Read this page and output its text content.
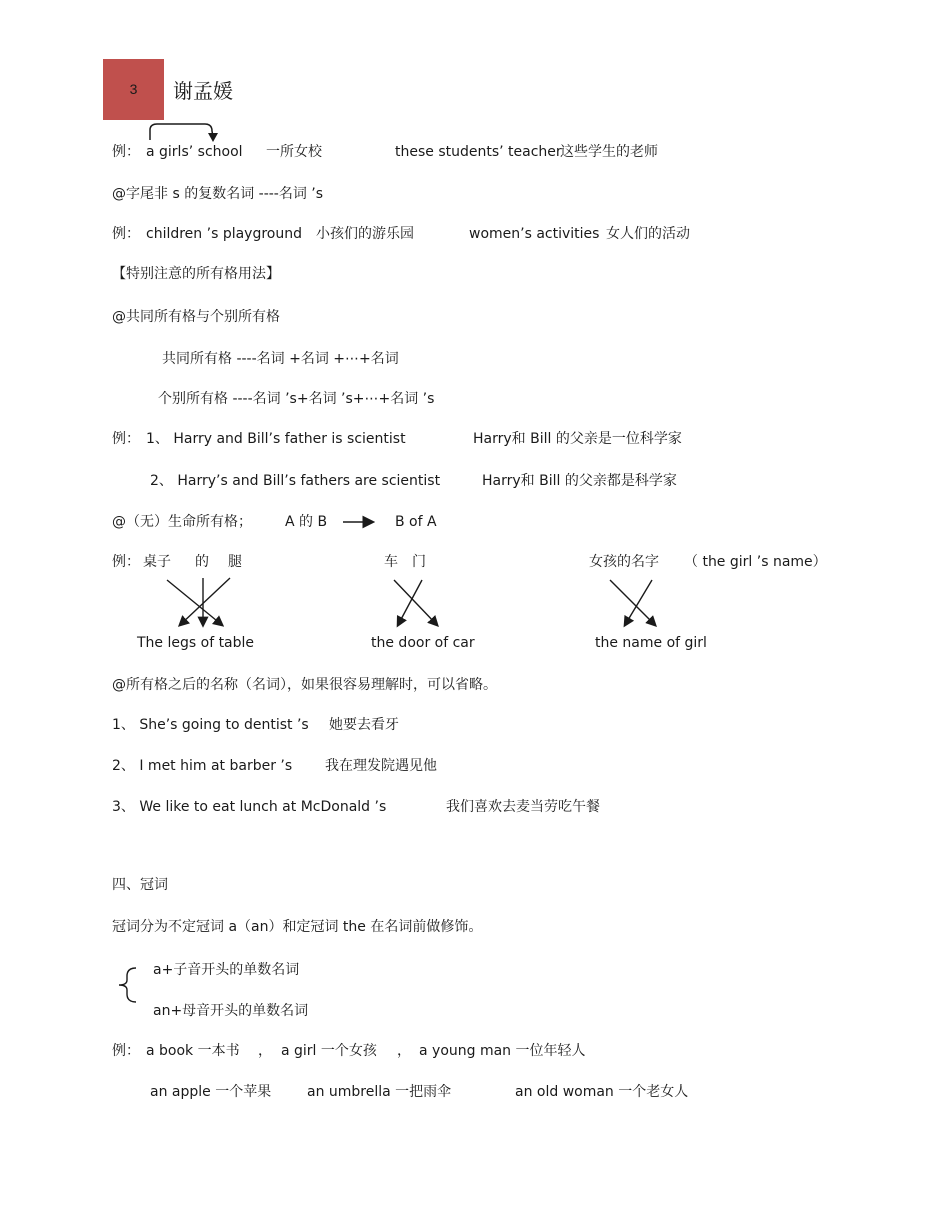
3	谢孟媛
例： a girls’ school 一所女校	these students’ teacher
这些学生的老师
@字尾非 s 的复数名词 ----名词 ’s
例： children ’s playground 小孩们的游乐园	women’s activities 女人们的活动
【特别注意的所有格用法】
@共同所有格与个别所有格
共同所有格 ----名词 +名词 +⋯+名词
个别所有格 ----名词 ’s+名词 ’s+⋯+名词 ’s
例： 1、 Harry and Bill’s father is scientist	Harry和 Bill 的父亲是一位科学家
2、 Harry’s and Bill’s fathers are scientist	Harry和 Bill 的父亲都是科学家
@（无）生命所有格； A 的 B	B of A
例： 桌子 的 腿	车 门	女孩的名字 （ the girl ’s name）
The legs of table	the door of car	the name of girl
@所有格之后的名称（名词），如果很容易理解时，可以省略。
1、 She’s going to dentist ’s 她要去看牙
2、 I met him at barber ’s 我在理发院遇见他
3、 We like to eat lunch at McDonald ’s	我们喜欢去麦当劳吃午餐
四、冠词
冠词分为不定冠词 a（an）和定冠词 the 在名词前做修饰。
a+子音开头的单数名词
an+母音开头的单数名词
例： a book 一本书 ， a girl 一个女孩 ， a young man 一位年轻人
an apple 一个苹果	an umbrella 一把雨伞	an old woman 一个老女人
